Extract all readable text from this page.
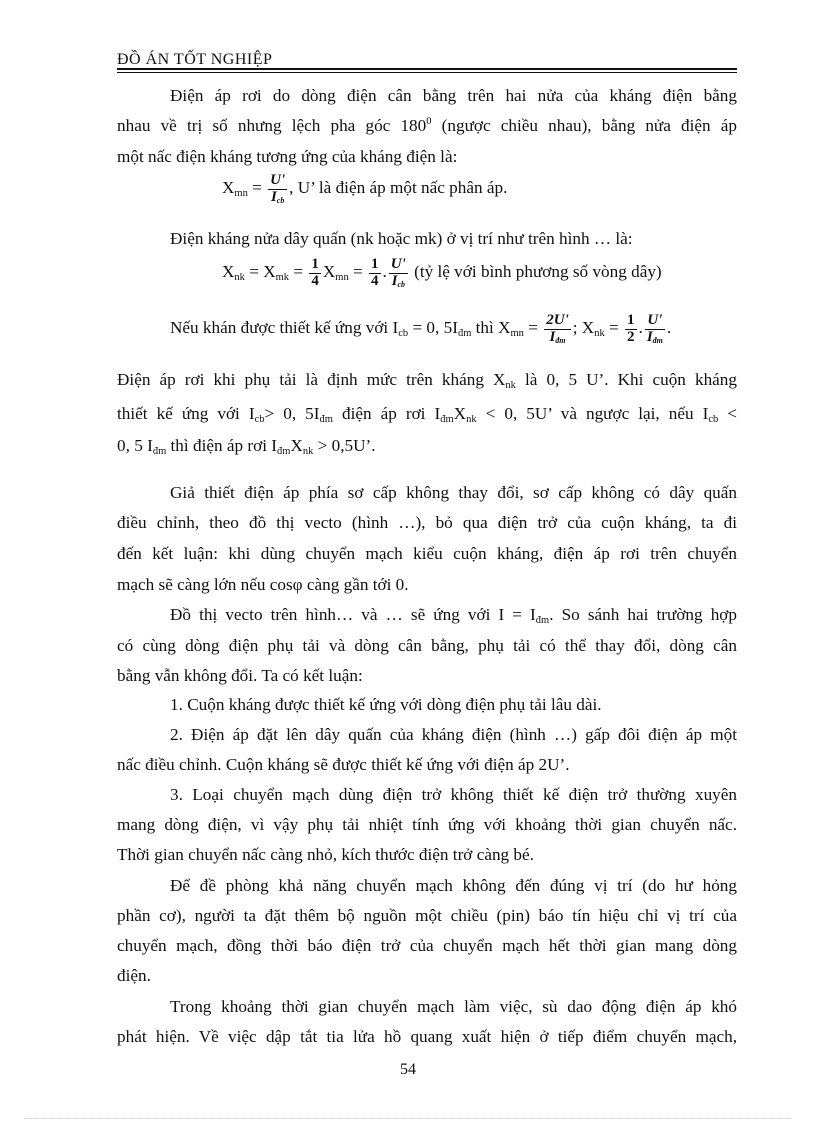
ĐỒ ÁN TỐT NGHIỆP
Điện áp rơi do dòng điện cân bằng trên hai nửa của kháng điện bằng
nhau về trị số nhưng lệch pha góc $180^0$ (ngược chiều nhau), bằng nửa điện áp
một nấc điện kháng tương ứng của kháng điện là:
$X_{mn} = \frac{U'}{I_{cb}}$ , U’ là điện áp một nấc phân áp.
Điện kháng nửa dây quấn (nk hoặc mk) ở vị trí như trên hình … là:
$X_{nk} = X_{mk} = \frac{1}{4} X_{mn} = \frac{1}{4}$ . $\frac{U'}{I_{cb}}$ (tỷ lệ với bình phương số vòng dây)
Nếu khán được thiết kế ứng với $I_{cb} = 0$, $5I_{đm}$ thì $X_{mn} = \frac{2U'}{I_{đm}}$ ; $X_{nk} = \frac{1}{2}$ . $\frac{U'}{I_{đm}}$ .
Điện áp rơi khi phụ tải là định mức trên kháng $X_{nk}$ là 0, 5 U’. Khi cuộn kháng
thiết kế ứng với $I_{cb}> 0$, $5I_{đm}$ điện áp rơi $I_{đm}X_{nk} < 0$, 5U’ và ngược lại, nếu $I_{cb}$ <
0, 5 $I_{đm}$ thì điện áp rơi $I_{đm}X_{nk} > 0,5U$’.
Giả thiết điện áp phía sơ cấp không thay đổi, sơ cấp không có dây quấn
điều chỉnh, theo đồ thị vecto (hình …), bỏ qua điện trở của cuộn kháng, ta đi
đến kết luận: khi dùng chuyển mạch kiểu cuộn kháng, điện áp rơi trên chuyển
mạch sẽ càng lớn nếu cosφ càng gần tới 0.
Đồ thị vecto trên hình… và … sẽ ứng với $I = I_{đm}$. So sánh hai trường hợp
có cùng dòng điện phụ tải và dòng cân bằng, phụ tải có thể thay đổi, dòng cân
bằng vẫn không đổi. Ta có kết luận:
1. Cuộn kháng được thiết kế ứng với dòng điện phụ tải lâu dài.
2. Điện áp đặt lên dây quấn của kháng điện (hình …) gấp đôi điện áp một
nấc điều chỉnh. Cuộn kháng sẽ được thiết kế ứng với điện áp 2U’.
3. Loại chuyển mạch dùng điện trở không thiết kế điện trở thường xuyên
mang dòng điện, vì vậy phụ tải nhiệt tính ứng với khoảng thời gian chuyển nấc.
Thời gian chuyển nấc càng nhỏ, kích thước điện trở càng bé.
Để đề phòng khả năng chuyển mạch không đến đúng vị trí (do hư hỏng
phần cơ), người ta đặt thêm bộ nguồn một chiều (pin) báo tín hiệu chỉ vị trí của
chuyển mạch, đồng thời báo điện trở của chuyển mạch hết thời gian mang dòng
điện.
Trong khoảng thời gian chuyển mạch làm việc, sù dao động điện áp khó
phát hiện. Về việc dập tắt tia lửa hồ quang xuất hiện ở tiếp điểm chuyển mạch,
54
